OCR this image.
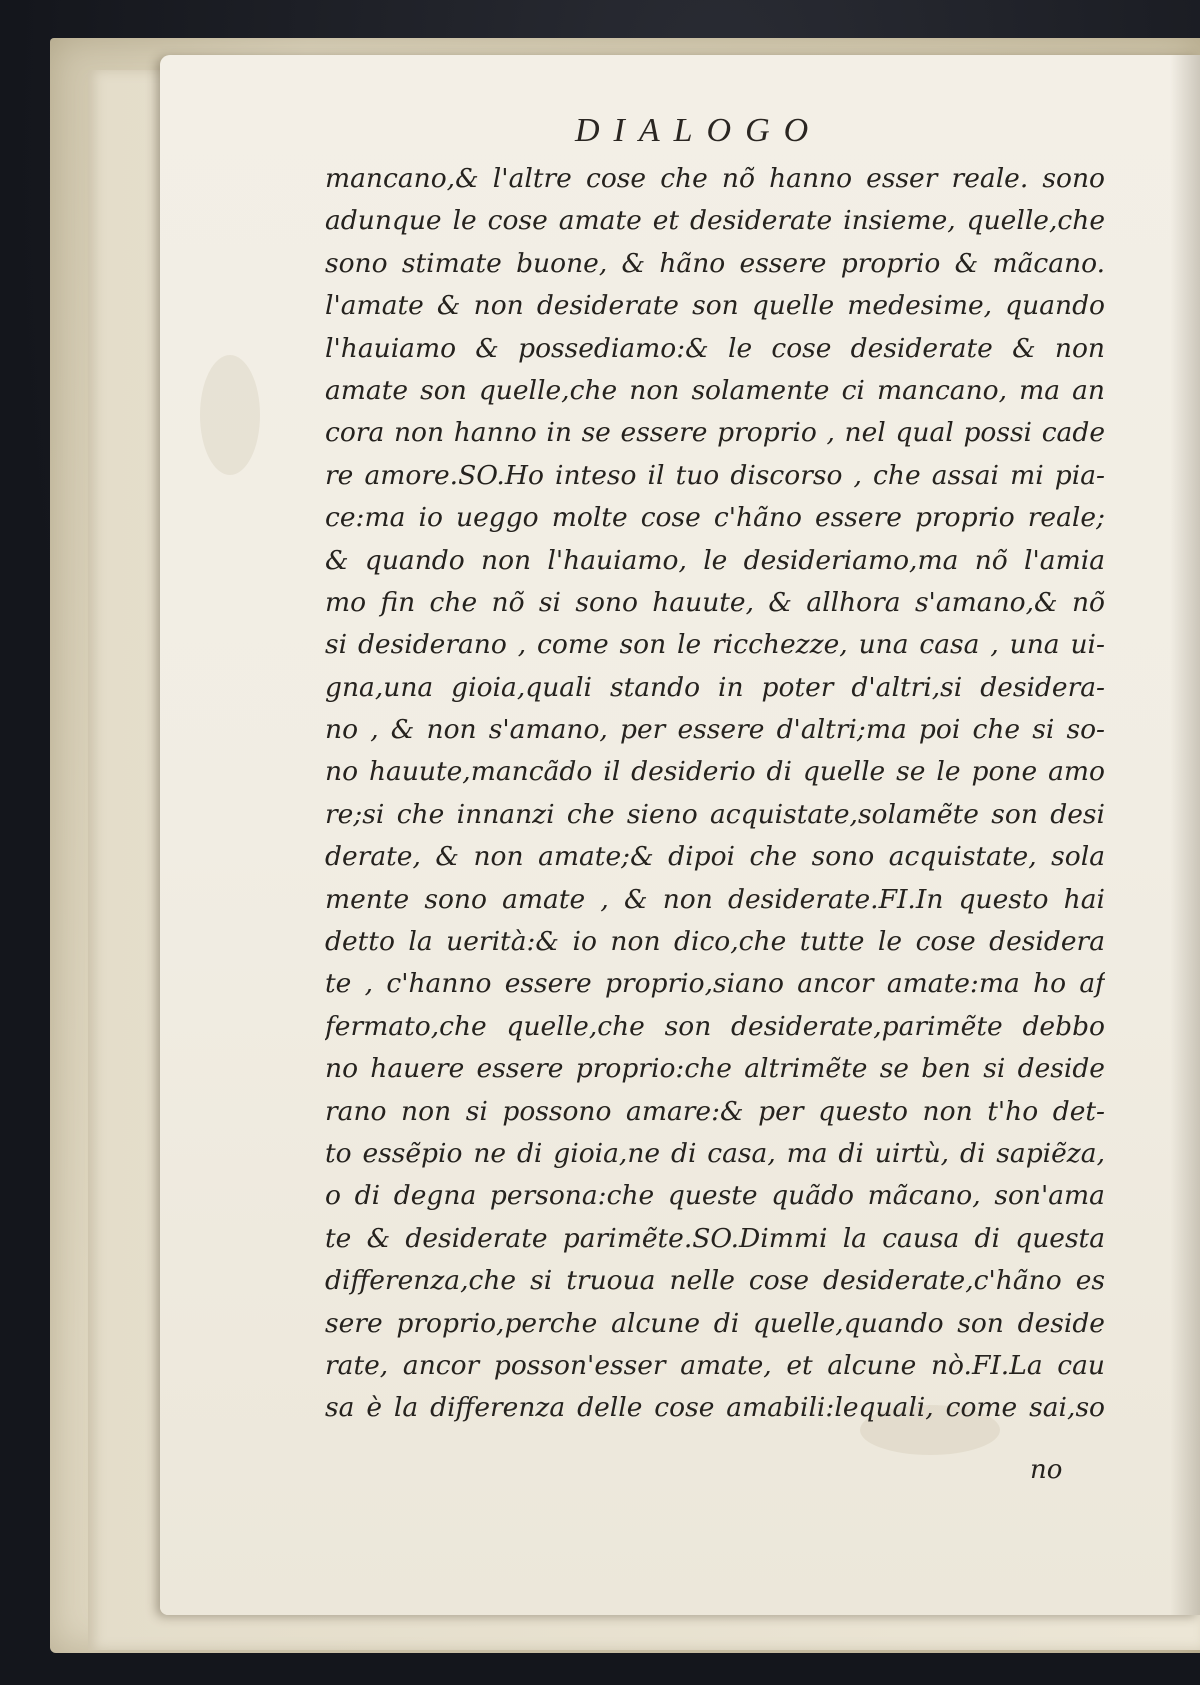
DIALOGO
mancano,& l'altre cose che nõ hanno esser reale. sono
adunque le cose amate et desiderate insieme, quelle,che
sono stimate buone, & hãno essere proprio & mãcano.
l'amate & non desiderate son quelle medesime, quando
l'hauiamo & possediamo:& le cose desiderate & non
amate son quelle,che non solamente ci mancano, ma an
cora non hanno in se essere proprio , nel qual possi cade
re amore.SO.Ho inteso il tuo discorso , che assai mi pia-
ce:ma io ueggo molte cose c'hãno essere proprio reale;
& quando non l'hauiamo, le desideriamo,ma nõ l'amia
mo fin che nõ si sono hauute, & allhora s'amano,& nõ
si desiderano , come son le ricchezze, una casa , una ui-
gna,una gioia,quali stando in poter d'altri,si desidera-
no , & non s'amano, per essere d'altri;ma poi che si so-
no hauute,mancãdo il desiderio di quelle se le pone amo
re;si che innanzi che sieno acquistate,solamẽte son desi
derate, & non amate;& dipoi che sono acquistate, sola
mente sono amate , & non desiderate.FI.In questo hai
detto la uerità:& io non dico,che tutte le cose desidera
te , c'hanno essere proprio,siano ancor amate:ma ho af
fermato,che quelle,che son desiderate,parimẽte debbo
no hauere essere proprio:che altrimẽte se ben si deside
rano non si possono amare:& per questo non t'ho det-
to essẽpio ne di gioia,ne di casa, ma di uirtù, di sapiẽza,
o di degna persona:che queste quãdo mãcano, son'ama
te & desiderate parimẽte.SO.Dimmi la causa di questa
differenza,che si truoua nelle cose desiderate,c'hãno es
sere proprio,perche alcune di quelle,quando son deside
rate, ancor posson'esser amate, et alcune nò.FI.La cau
sa è la differenza delle cose amabili:lequali, come sai,so
no
